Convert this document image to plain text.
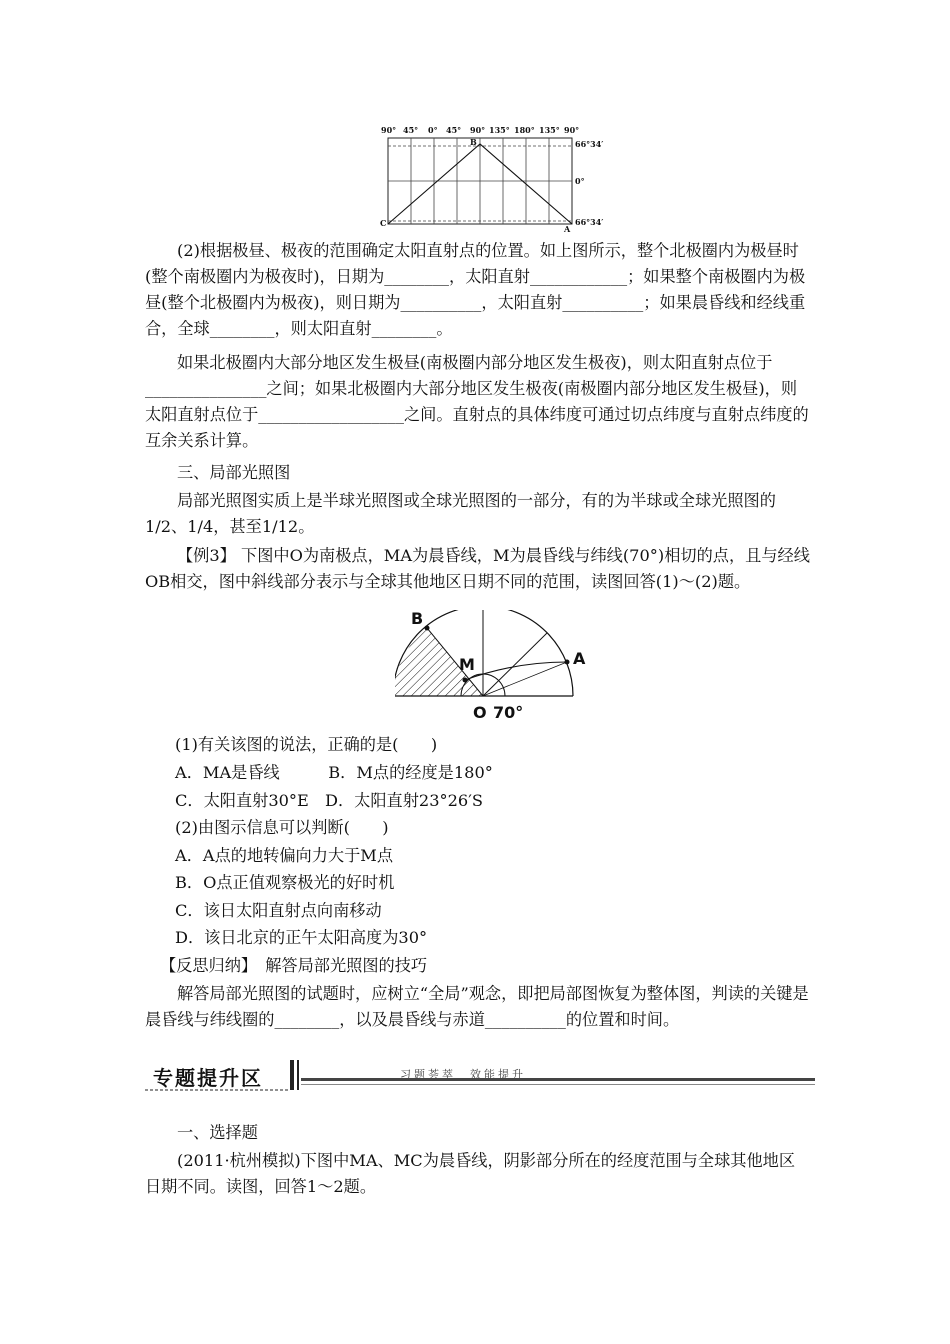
90° 45° 0° 45° 90° 135° 180° 135° 90°
B
C
A
66°34′
0°
66°34′

(2)根据极昼、极夜的范围确定太阳直射点的位置。如上图所示，整个北极圈内为极昼时(整个南极圈内为极夜时)，日期为________，太阳直射____________；如果整个南极圈内为极昼(整个北极圈内为极夜)，则日期为__________，太阳直射__________；如果晨昏线和经线重合，全球________，则太阳直射________。

如果北极圈内大部分地区发生极昼(南极圈内部分地区发生极夜)，则太阳直射点位于_______________之间；如果北极圈内大部分地区发生极夜(南极圈内部分地区发生极昼)，则太阳直射点位于__________________之间。直射点的具体纬度可通过切点纬度与直射点纬度的互余关系计算。

三、局部光照图

局部光照图实质上是半球光照图或全球光照图的一部分，有的为半球或全球光照图的1/2、1/4，甚至1/12。

【例3】 下图中O为南极点，MA为晨昏线，M为晨昏线与纬线(70°)相切的点，且与经线OB相交，图中斜线部分表示与全球其他地区日期不同的范围，读图回答(1)～(2)题。

B
M	A
O 70°

(1)有关该图的说法，正确的是(　　)

A．MA是昏线　　　B．M点的经度是180°

C．太阳直射30°E　D．太阳直射23°26′S

(2)由图示信息可以判断(　　)

A．A点的地转偏向力大于M点

B．O点正值观察极光的好时机

C．该日太阳直射点向南移动

D．该日北京的正午太阳高度为30°

【反思归纳】　解答局部光照图的技巧

解答局部光照图的试题时，应树立“全局”观念，即把局部图恢复为整体图，判读的关键是晨昏线与纬线圈的________，以及晨昏线与赤道__________的位置和时间。

专题提升区	习题荟萃　效能提升

一、选择题

(2011·杭州模拟)下图中MA、MC为晨昏线，阴影部分所在的经度范围与全球其他地区日期不同。读图，回答1～2题。
